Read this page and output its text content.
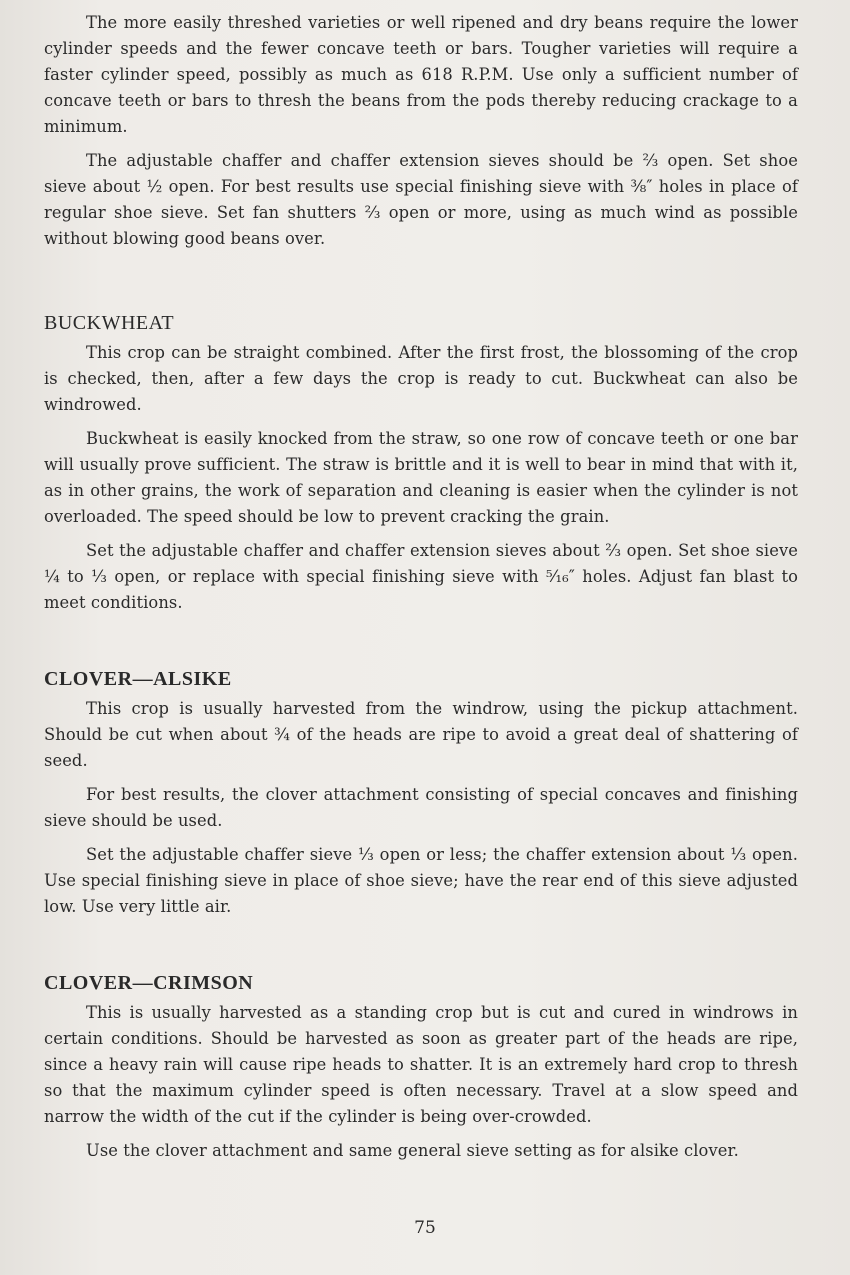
The more easily threshed varieties or well ripened and dry beans require the lower cylinder speeds and the fewer concave teeth or bars. Tougher varieties will require a faster cylinder speed, possibly as much as 618 R.P.M. Use only a sufficient number of concave teeth or bars to thresh the beans from the pods thereby reducing crackage to a minimum.

The adjustable chaffer and chaffer extension sieves should be ⅔ open. Set shoe sieve about ½ open. For best results use special finishing sieve with ⅜″ holes in place of regular shoe sieve. Set fan shutters ⅔ open or more, using as much wind as possible without blowing good beans over.

BUCKWHEAT

This crop can be straight combined. After the first frost, the blossoming of the crop is checked, then, after a few days the crop is ready to cut. Buckwheat can also be windrowed.

Buckwheat is easily knocked from the straw, so one row of concave teeth or one bar will usually prove sufficient. The straw is brittle and it is well to bear in mind that with it, as in other grains, the work of separation and cleaning is easier when the cylinder is not overloaded. The speed should be low to prevent cracking the grain.

Set the adjustable chaffer and chaffer extension sieves about ⅔ open. Set shoe sieve ¼ to ⅓ open, or replace with special finishing sieve with ⁵⁄₁₆″ holes. Adjust fan blast to meet conditions.

CLOVER—ALSIKE

This crop is usually harvested from the windrow, using the pickup attachment. Should be cut when about ¾ of the heads are ripe to avoid a great deal of shattering of seed.

For best results, the clover attachment consisting of special concaves and finishing sieve should be used.

Set the adjustable chaffer sieve ⅓ open or less; the chaffer extension about ⅓ open. Use special finishing sieve in place of shoe sieve; have the rear end of this sieve adjusted low. Use very little air.

CLOVER—CRIMSON

This is usually harvested as a standing crop but is cut and cured in windrows in certain conditions. Should be harvested as soon as greater part of the heads are ripe, since a heavy rain will cause ripe heads to shatter. It is an extremely hard crop to thresh so that the maximum cylinder speed is often necessary. Travel at a slow speed and narrow the width of the cut if the cylinder is being over-crowded.

Use the clover attachment and same general sieve setting as for alsike clover.

75
